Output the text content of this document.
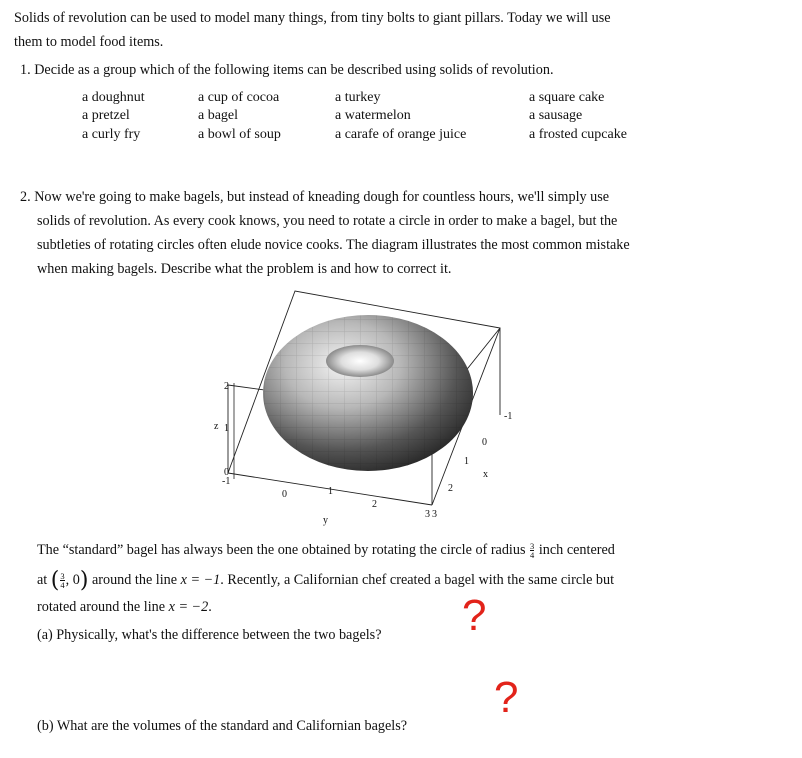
Solids of revolution can be used to model many things, from tiny bolts to giant pillars. Today we will use
them to model food items.
1. Decide as a group which of the following items can be described using solids of revolution.
a doughnut
a pretzel
a curly fry
a cup of cocoa
a bagel
a bowl of soup
a turkey
a watermelon
a carafe of orange juice
a square cake
a sausage
a frosted cupcake
2. Now we're going to make bagels, but instead of kneading dough for countless hours, we'll simply use
solids of revolution. As every cook knows, you need to rotate a circle in order to make a bagel, but the
subtleties of rotating circles often elude novice cooks. The diagram illustrates the most common mistake
when making bagels. Describe what the problem is and how to correct it.
2
1
0
-1
z
0	1
2
3
y
-1
0
1
2
3
x
The “standard” bagel has always been the one obtained by rotating the circle of radius $\frac{3}{4}$ inch centered
at ( $\frac{3}{4}$ , 0) around the line x = −1. Recently, a Californian chef created a bagel with the same circle but
rotated around the line x = −2.
(a) Physically, what's the difference between the two bagels?
(b) What are the volumes of the standard and Californian bagels?
?
?
